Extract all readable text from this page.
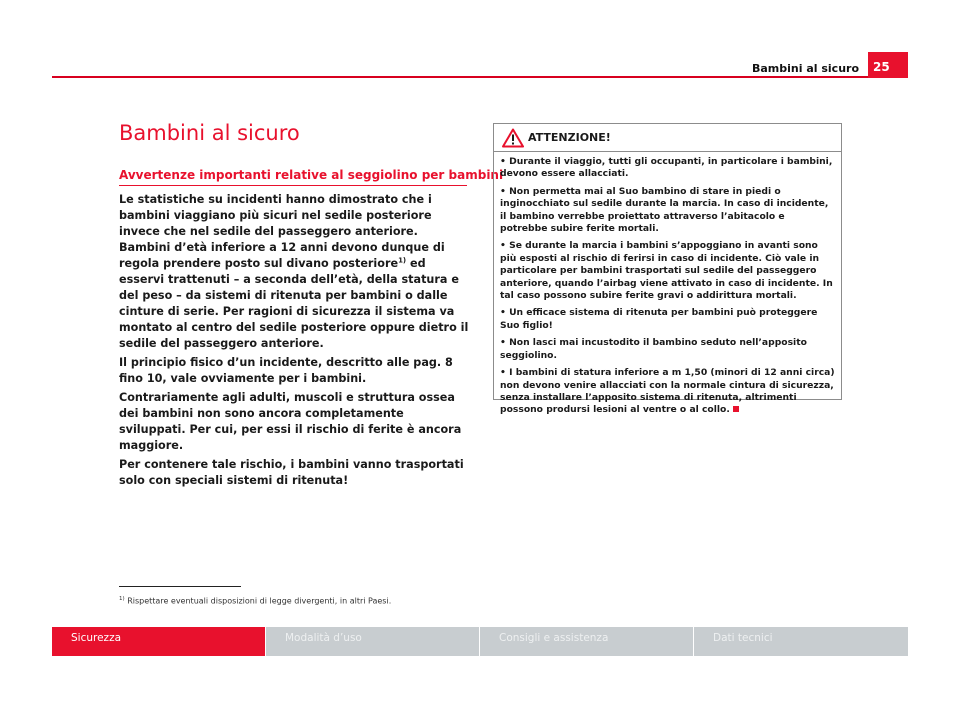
Bambini al sicuro 25
Bambini al sicuro
Avvertenze importanti relative al seggiolino per bambini

Le statistiche su incidenti hanno dimostrato che i bambini viaggiano più sicuri nel sedile posteriore invece che nel sedile del passeggero anteriore. Bambini d’età inferiore a 12 anni devono dunque di regola prendere posto sul divano posteriore$^{1)}$ ed esservi trattenuti – a seconda dell’età, della statura e del peso – da sistemi di ritenuta per bambini o dalle cinture di serie. Per ragioni di sicurezza il sistema va montato al centro del sedile posteriore oppure dietro il sedile del passeggero anteriore.

Il principio fisico d’un incidente, descritto alle pag. 8 fino 10, vale ovviamente per i bambini.

Contrariamente agli adulti, muscoli e struttura ossea dei bambini non sono ancora completamente sviluppati. Per cui, per essi il rischio di ferite è ancora maggiore.

Per contenere tale rischio, i bambini vanno trasportati solo con speciali sistemi di ritenuta!

ATTENZIONE!

• Durante il viaggio, tutti gli occupanti, in particolare i bambini, devono essere allacciati.

• Non permetta mai al Suo bambino di stare in piedi o inginocchiato sul sedile durante la marcia. In caso di incidente, il bambino verrebbe proiettato attraverso l’abitacolo e potrebbe subire ferite mortali.

• Se durante la marcia i bambini s’appoggiano in avanti sono più esposti al rischio di ferirsi in caso di incidente. Ciò vale in particolare per bambini trasportati sul sedile del passeggero anteriore, quando l’airbag viene attivato in caso di incidente. In tal caso possono subire ferite gravi o addirittura mortali.

• Un efficace sistema di ritenuta per bambini può proteggere Suo figlio!

• Non lasci mai incustodito il bambino seduto nell’apposito seggiolino.

• I bambini di statura inferiore a m 1,50 (minori di 12 anni circa) non devono venire allacciati con la normale cintura di sicurezza, senza installare l’apposito sistema di ritenuta, altrimenti possono prodursi lesioni al ventre o al collo.

$^{1)}$ Rispettare eventuali disposizioni di legge divergenti, in altri Paesi.
Sicurezza	Modalità d’uso	Consigli e assistenza	Dati tecnici
